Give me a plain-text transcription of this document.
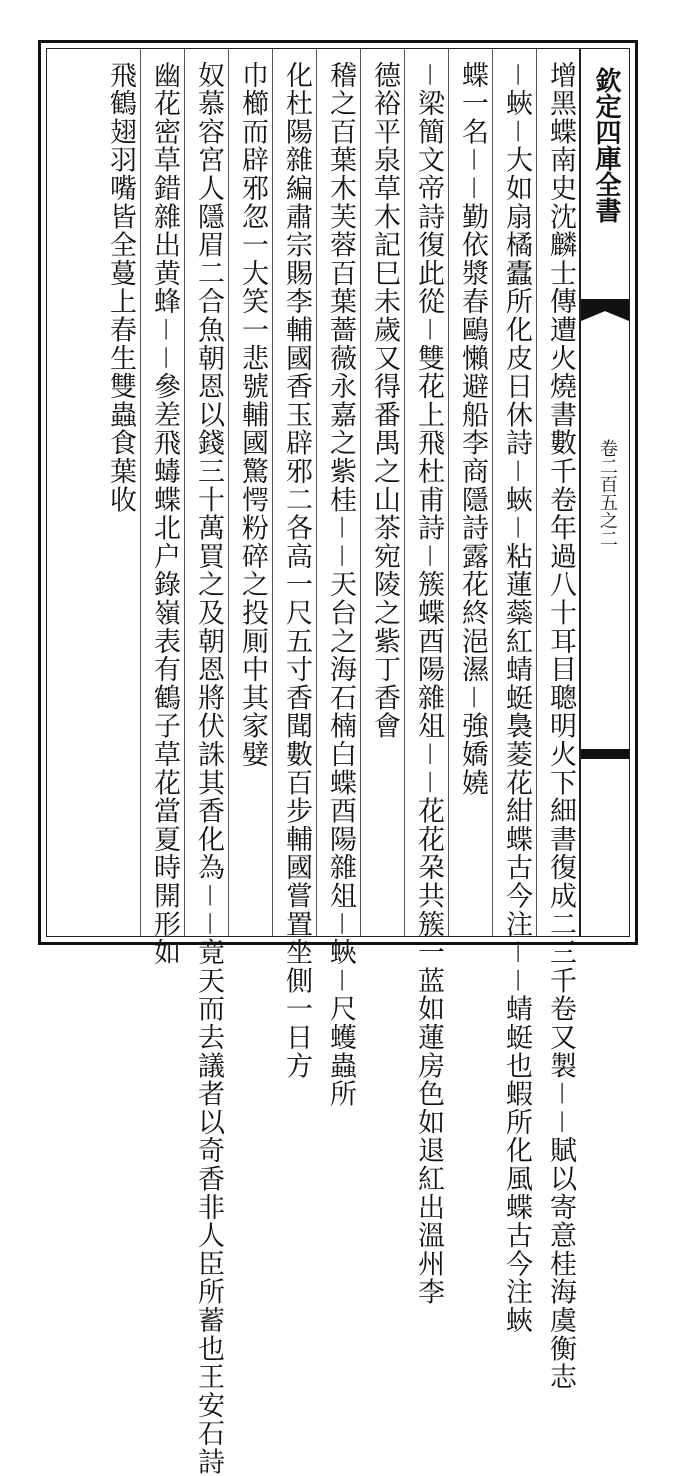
增黑蝶南史沈麟士傳遭火燒書數千卷年過八十耳目聰明火下細書復成二三千卷又製－－賦以寄意桂海虞衡志
－蛺－大如扇橘蠹所化皮日休詩－蛺－粘蓮蘂紅蜻蜓裊菱花紺蝶古今注－－蜻蜓也蝦所化風蝶古今注蛺
蝶一名－－勤依漿春鷗懶避船李商隱詩露花終浥濕－強嬌嬈
－梁簡文帝詩復此從－雙花上飛杜甫詩－簇蝶酉陽雜俎－－花花朶共簇一蓝如蓮房色如退紅出溫州李
德裕平泉草木記巳未歲又得番禺之山茶宛陵之紫丁香會
稽之百葉木芙蓉百葉薔薇永嘉之紫桂－－天台之海石楠白蝶酉陽雜俎－蛺－尺蠖蟲所
化杜陽雜編肅宗賜李輔國香玉辟邪二各高一尺五寸香聞數百步輔國嘗置坐側一日方
巾櫛而辟邪忽一大笑一悲號輔國驚愕粉碎之投厠中其家嬖
奴慕容宮人隱眉二合魚朝恩以錢三十萬買之及朝恩將伏誅其香化為－－竟天而去議者以奇香非人臣所蓄也王安石詩
幽花密草錯雜出黄蜂－－參差飛蝳蝶北户錄嶺表有鶴子草花當夏時開形如
飛鶴翅羽嘴皆全蔓上春生雙蟲食葉收	欽定四庫全書
卷二百五之二
